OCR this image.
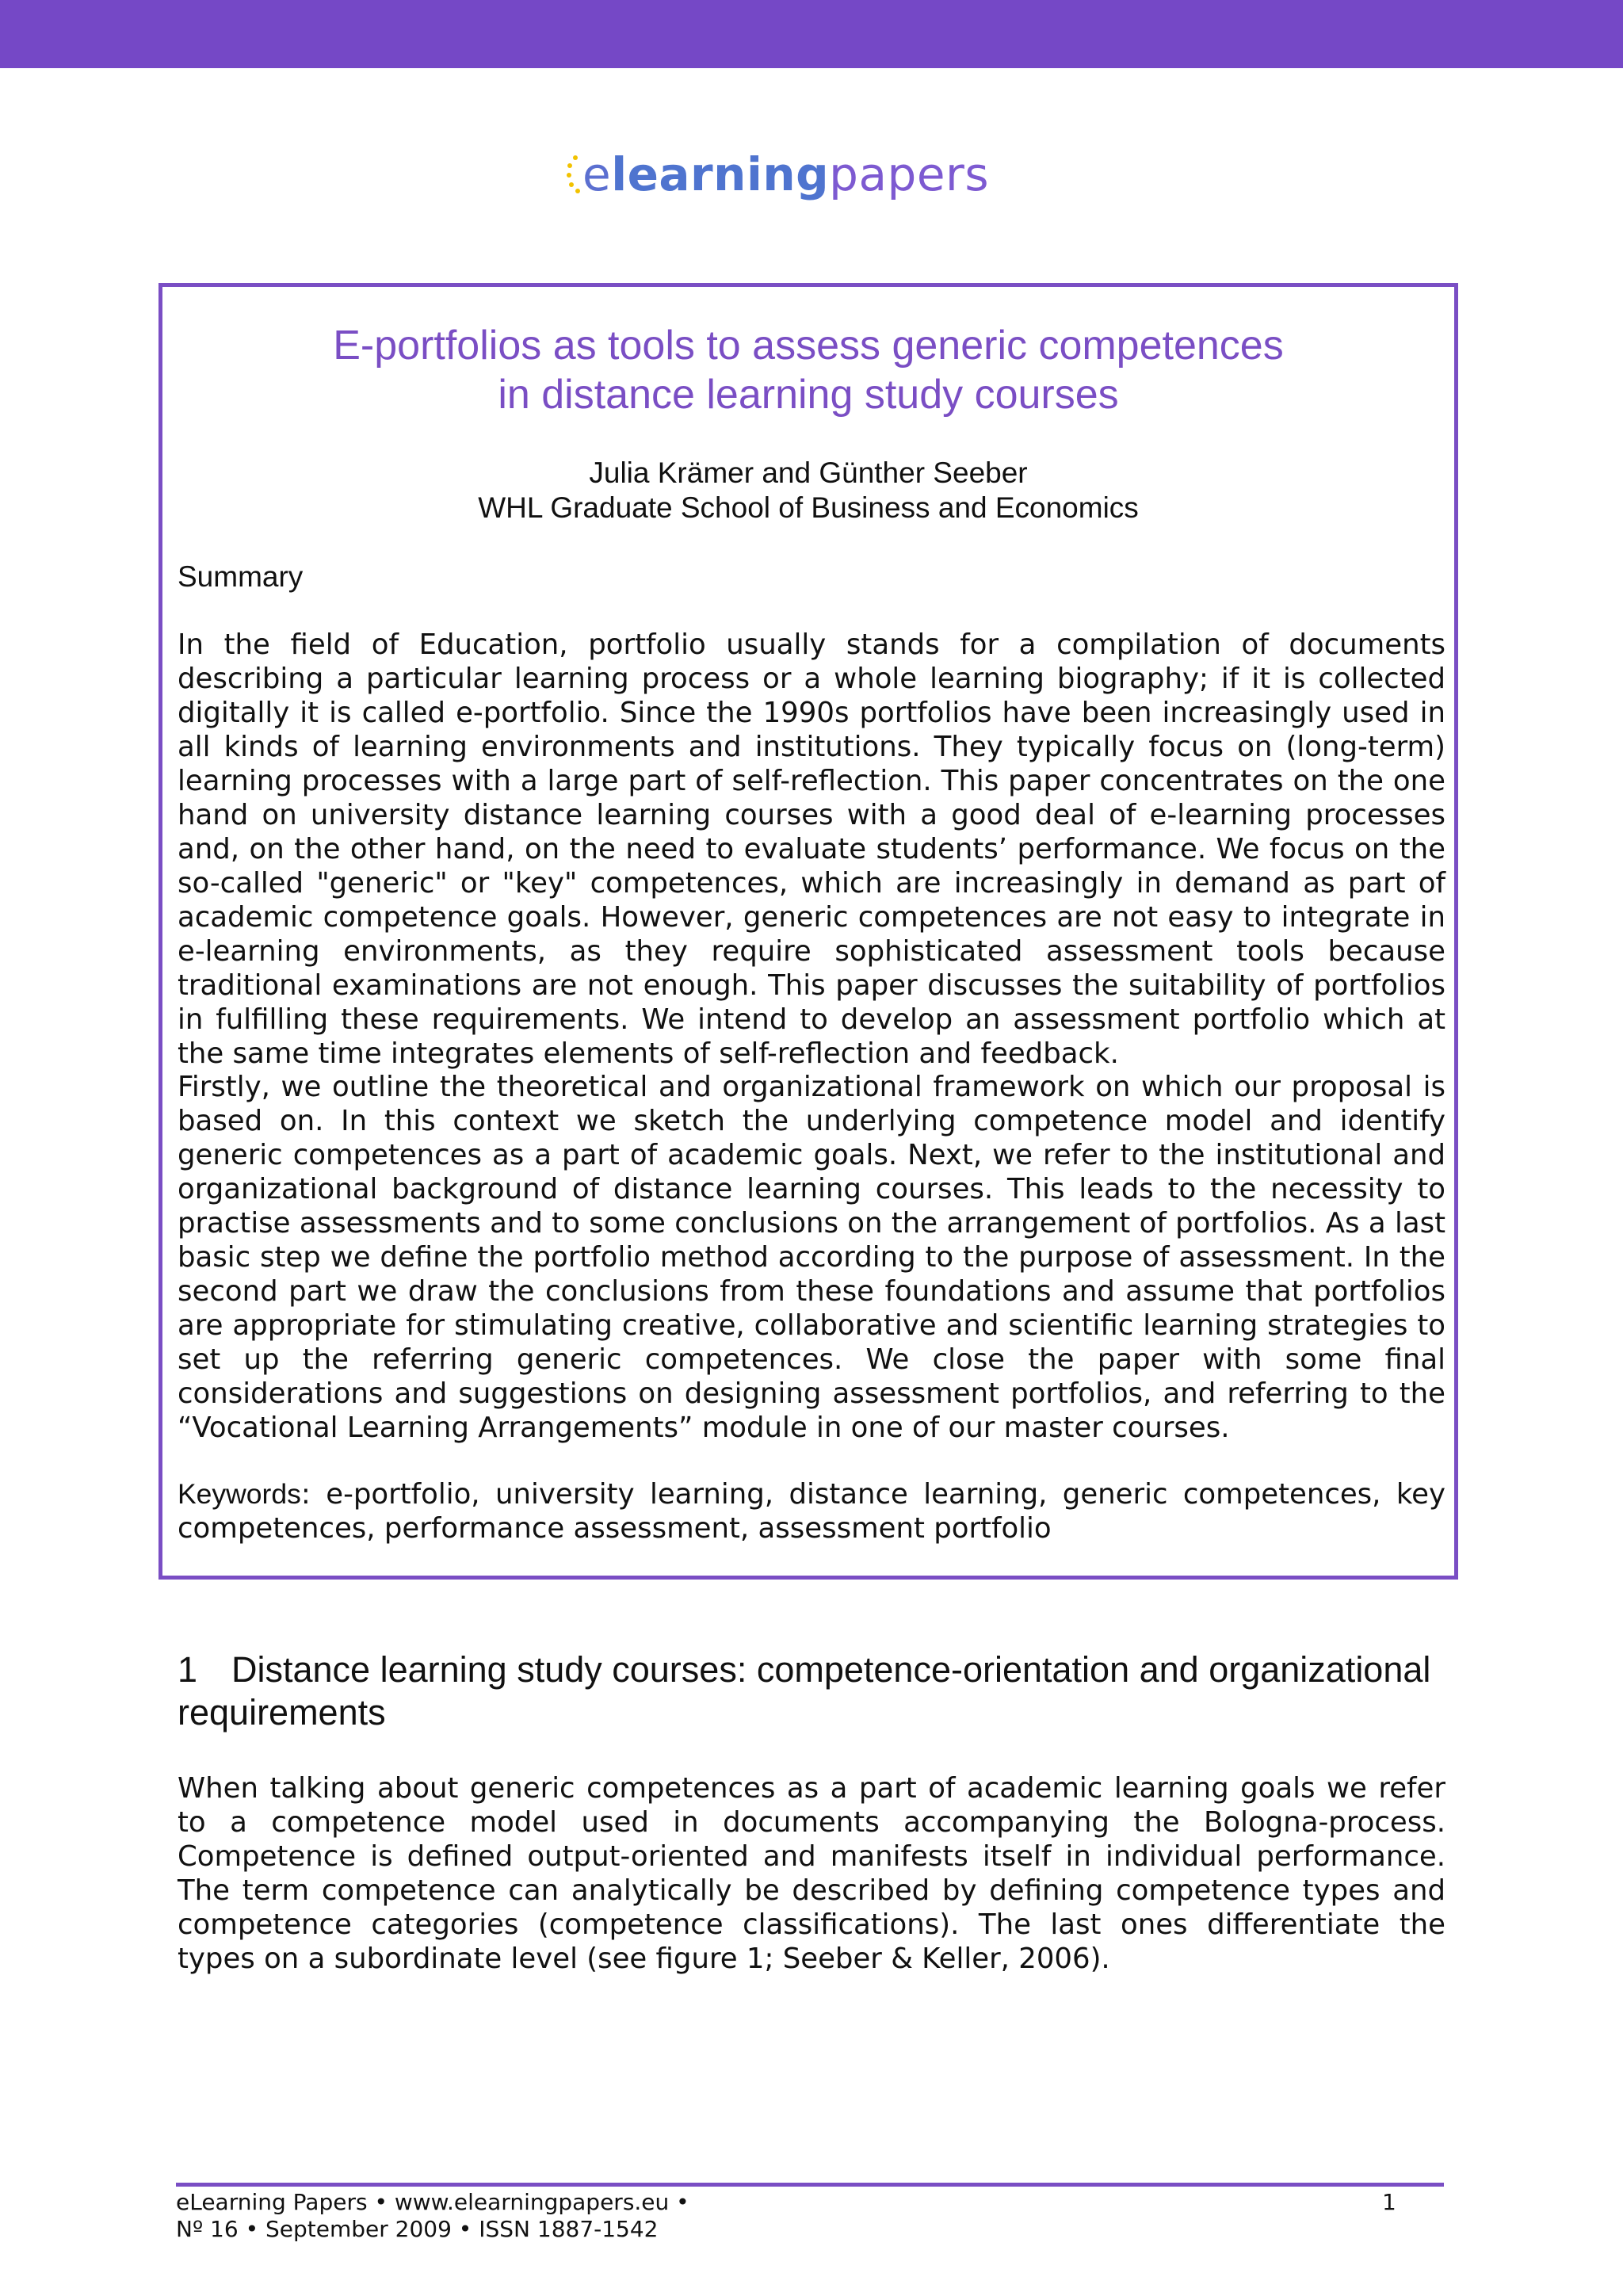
e learning papers
E-portfolios as tools to assess generic competences
in distance learning study courses
Julia Krämer and Günther Seeber
WHL Graduate School of Business and Economics
Summary

In the field of Education, portfolio usually stands for a compilation of documents describing a particular learning process or a whole learning biography; if it is collected digitally it is called e-portfolio. Since the 1990s portfolios have been increasingly used in all kinds of learning environments and institutions. They typically focus on (long-term) learning processes with a large part of self-reflection. This paper concentrates on the one hand on university distance learning courses with a good deal of e-learning processes and, on the other hand, on the need to evaluate students’ performance. We focus on the so-called "generic" or "key" competences, which are increasingly in demand as part of academic competence goals. However, generic competences are not easy to integrate in e-learning environments, as they require sophisticated assessment tools because traditional examinations are not enough. This paper discusses the suitability of portfolios in fulfilling these requirements. We intend to develop an assessment portfolio which at the same time integrates elements of self-reflection and feedback.

Firstly, we outline the theoretical and organizational framework on which our proposal is based on. In this context we sketch the underlying competence model and identify generic competences as a part of academic goals. Next, we refer to the institutional and organizational background of distance learning courses. This leads to the necessity to practise assessments and to some conclusions on the arrangement of portfolios. As a last basic step we define the portfolio method according to the purpose of assessment. In the second part we draw the conclusions from these foundations and assume that portfolios are appropriate for stimulating creative, collaborative and scientific learning strategies to set up the referring generic competences. We close the paper with some final considerations and suggestions on designing assessment portfolios, and referring to the “Vocational Learning Arrangements” module in one of our master courses.

Keywords: e-portfolio, university learning, distance learning, generic competences, key competences, performance assessment, assessment portfolio

1 Distance learning study courses: competence-orientation and organizational requirements

When talking about generic competences as a part of academic learning goals we refer to a competence model used in documents accompanying the Bologna-process. Competence is defined output-oriented and manifests itself in individual performance. The term competence can analytically be described by defining competence types and competence categories (competence classifications). The last ones differentiate the types on a subordinate level (see figure 1; Seeber & Keller, 2006).

eLearning Papers • www.elearningpapers.eu •
Nº 16 • September 2009 • ISSN 1887-1542
1
